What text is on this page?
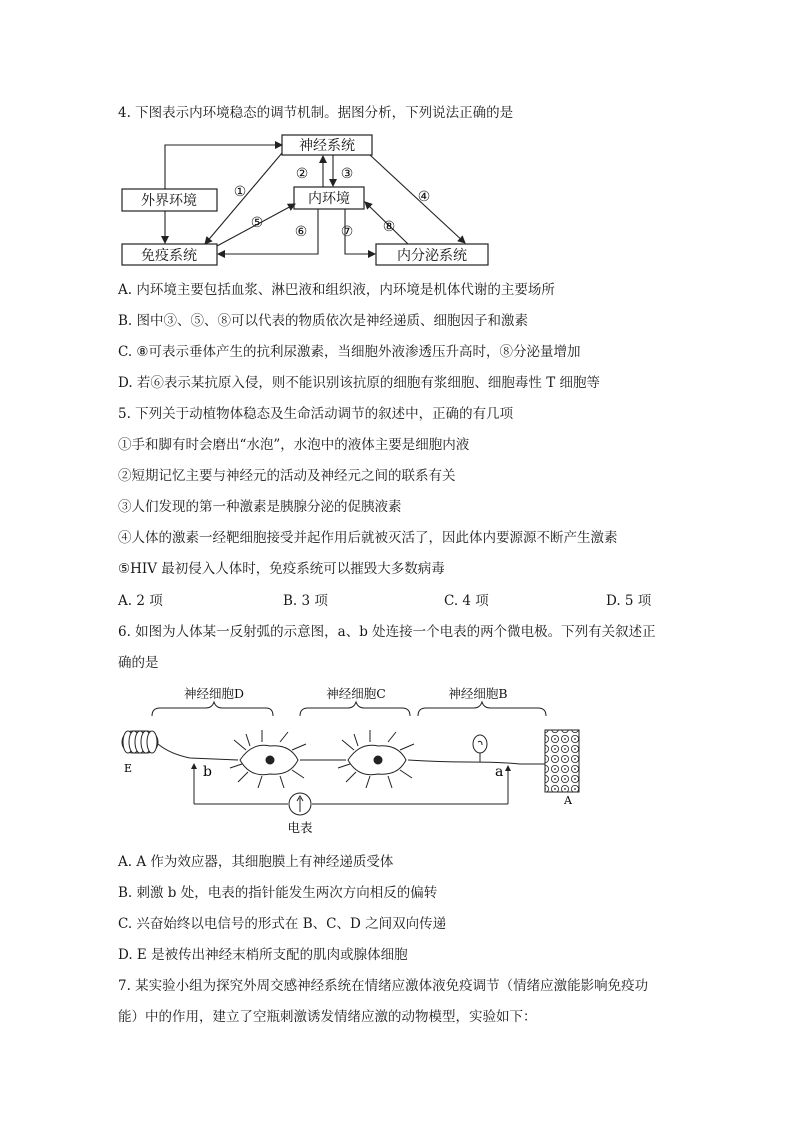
4. 下图表示内环境稳态的调节机制。据图分析，下列说法正确的是

神经系统
外界环境	内环境
免疫系统	内分泌系统
①
② ③
④
⑤
⑥ ⑦ ⑧

A. 内环境主要包括血浆、淋巴液和组织液，内环境是机体代谢的主要场所

B. 图中③、⑤、⑧可以代表的物质依次是神经递质、细胞因子和激素

C. ⑧可表示垂体产生的抗利尿激素，当细胞外液渗透压升高时，⑧分泌量增加

D. 若⑥表示某抗原入侵，则不能识别该抗原的细胞有浆细胞、细胞毒性 T 细胞等

5. 下列关于动植物体稳态及生命活动调节的叙述中，正确的有几项

①手和脚有时会磨出“水泡”，水泡中的液体主要是细胞内液

②短期记忆主要与神经元的活动及神经元之间的联系有关

③人们发现的第一种激素是胰腺分泌的促胰液素

④人体的激素一经靶细胞接受并起作用后就被灭活了，因此体内要源源不断产生激素

⑤HIV 最初侵入人体时，免疫系统可以摧毁大多数病毒

A. 2 项	B. 3 项	C. 4 项	D. 5 项

6. 如图为人体某一反射弧的示意图，a、b 处连接一个电表的两个微电极。下列有关叙述正

确的是

神经细胞D	神经细胞C	神经细胞B
E
A
b	a
电表

A. A 作为效应器，其细胞膜上有神经递质受体

B. 刺激 b 处，电表的指针能发生两次方向相反的偏转

C. 兴奋始终以电信号的形式在 B、C、D 之间双向传递

D. E 是被传出神经末梢所支配的肌肉或腺体细胞

7. 某实验小组为探究外周交感神经系统在情绪应激体液免疫调节（情绪应激能影响免疫功

能）中的作用，建立了空瓶刺激诱发情绪应激的动物模型，实验如下：
